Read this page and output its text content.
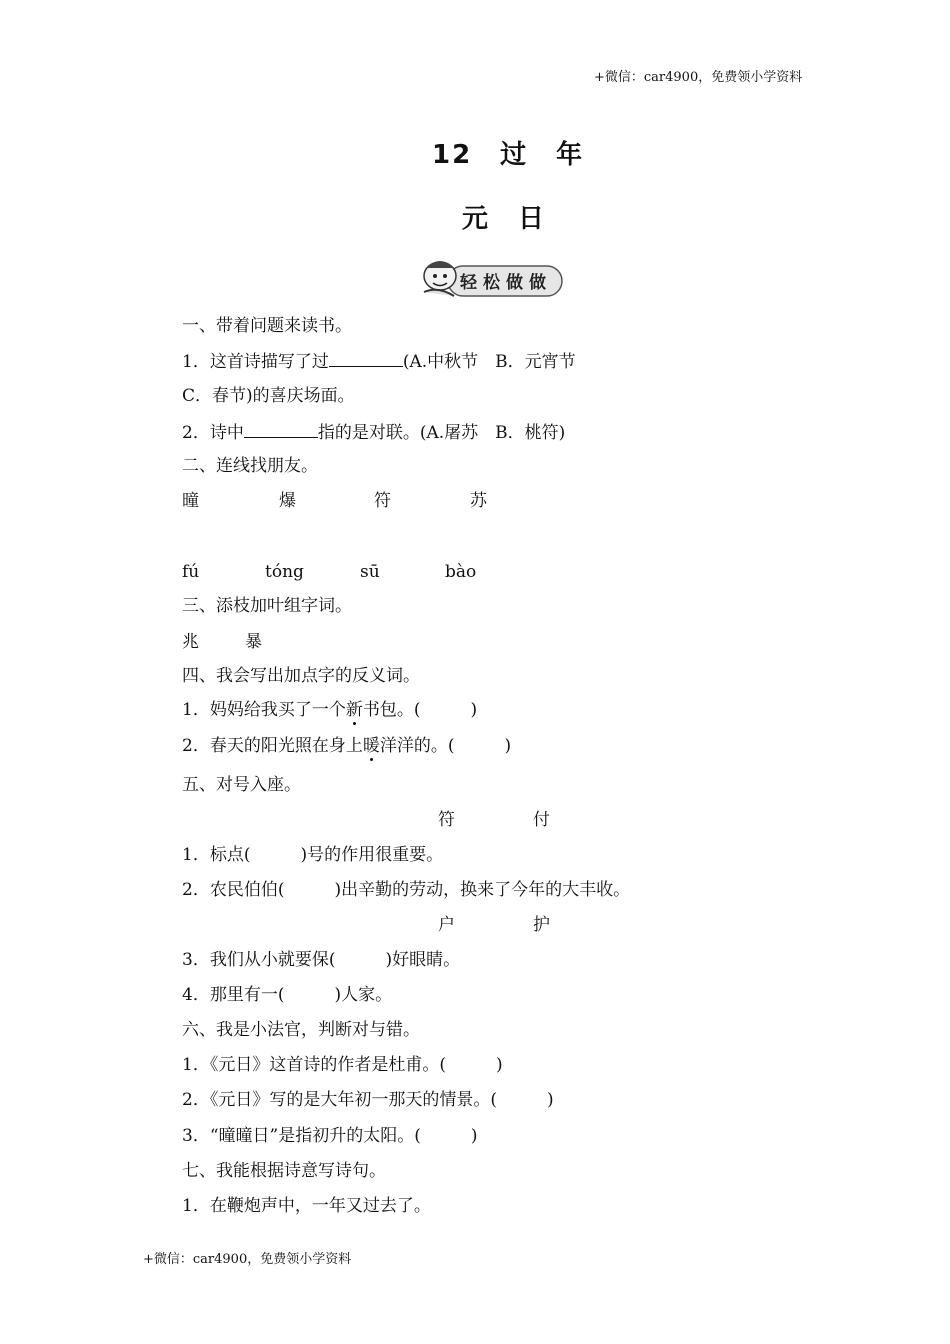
+微信：car4900，免费领小学资料
12　过　年
元　日
轻松做做
一、带着问题来读书。
1．这首诗描写了过	(A.中秋节　B．元宵节
C．春节)的喜庆场面。
2．诗中	指的是对联。(A.屠苏　B．桃符)
二、连线找朋友。
曈	爆	符	苏
fú	tóng	sū	bào
三、添枝加叶组字词。
兆	暴
四、我会写出加点字的反义词。
1．妈妈给我买了一个新书包。(	)
2．春天的阳光照在身上暖洋洋的。(	)
五、对号入座。
符	付
1．标点(	)号的作用很重要。
2．农民伯伯(	)出辛勤的劳动，换来了今年的大丰收。
户	护
3．我们从小就要保(	)好眼睛。
4．那里有一(	)人家。
六、我是小法官，判断对与错。
1．《元日》这首诗的作者是杜甫。(	)
2．《元日》写的是大年初一那天的情景。(	)
3．“曈曈日”是指初升的太阳。(	)
七、我能根据诗意写诗句。
1．在鞭炮声中，一年又过去了。
+微信：car4900，免费领小学资料
